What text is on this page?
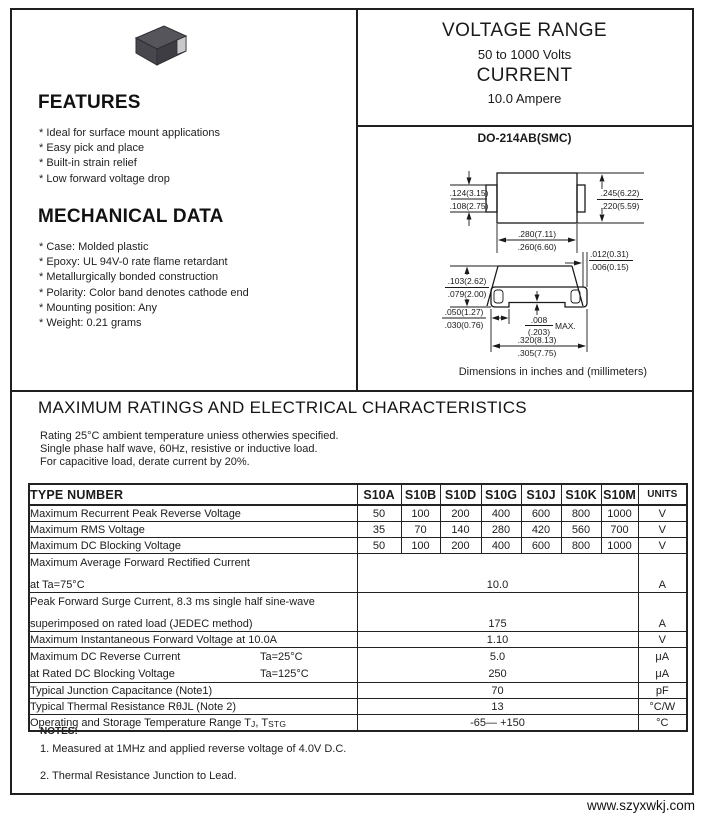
FEATURES
* Ideal for surface mount applications
* Easy pick and place
* Built-in strain relief
* Low forward voltage drop
MECHANICAL DATA
* Case: Molded plastic
* Epoxy: UL 94V-0 rate flame retardant
* Metallurgically bonded construction
* Polarity: Color band denotes cathode end
* Mounting position: Any
* Weight: 0.21 grams
VOLTAGE RANGE
50 to 1000 Volts
CURRENT
10.0 Ampere
DO-214AB(SMC)
.124(3.15)
.108(2.75)
.245(6.22)
.220(5.59)
.280(7.11)
.260(6.60)
.012(0.31)
.006(0.15)
.103(2.62)
.079(2.00)
.050(1.27)
.030(0.76)	.008
(.203)
MAX.
.320(8.13)
.305(7.75)
Dimensions in inches and (millimeters)
MAXIMUM RATINGS AND ELECTRICAL CHARACTERISTICS
Rating 25°C ambient temperature uniess otherwies specified.
Single phase half wave, 60Hz, resistive or inductive load.
For capacitive load, derate current by 20%.
TYPE NUMBER	S10A	S10B	S10D	S10G	S10J	S10K	S10M	UNITS
Maximum Recurrent Peak Reverse Voltage	50	100	200	400	600	800	1000	V
Maximum RMS Voltage	35	70	140	280	420	560	700	V
Maximum DC Blocking Voltage	50	100	200	400	600	800	1000	V
Maximum Average Forward Rectified Current								
at Ta=75°C	10.0							A
Peak Forward Surge Current, 8.3 ms single half sine-wave								
superimposed on rated load (JEDEC method)	175							A
Maximum Instantaneous Forward Voltage at 10.0A	1.10							V
Maximum DC Reverse Current Ta=25°C	5.0							μA
at Rated DC Blocking Voltage Ta=125°C	250							μA
Typical Junction Capacitance (Note1)	70							pF
Typical Thermal Resistance RθJL (Note 2)	13							°C/W
Operating and Storage Temperature Range TJ, TSTG	-65— +150							°C
NOTES:
1. Measured at 1MHz and applied reverse voltage of 4.0V D.C.
2. Thermal Resistance Junction to Lead.
www.szyxwkj.com
